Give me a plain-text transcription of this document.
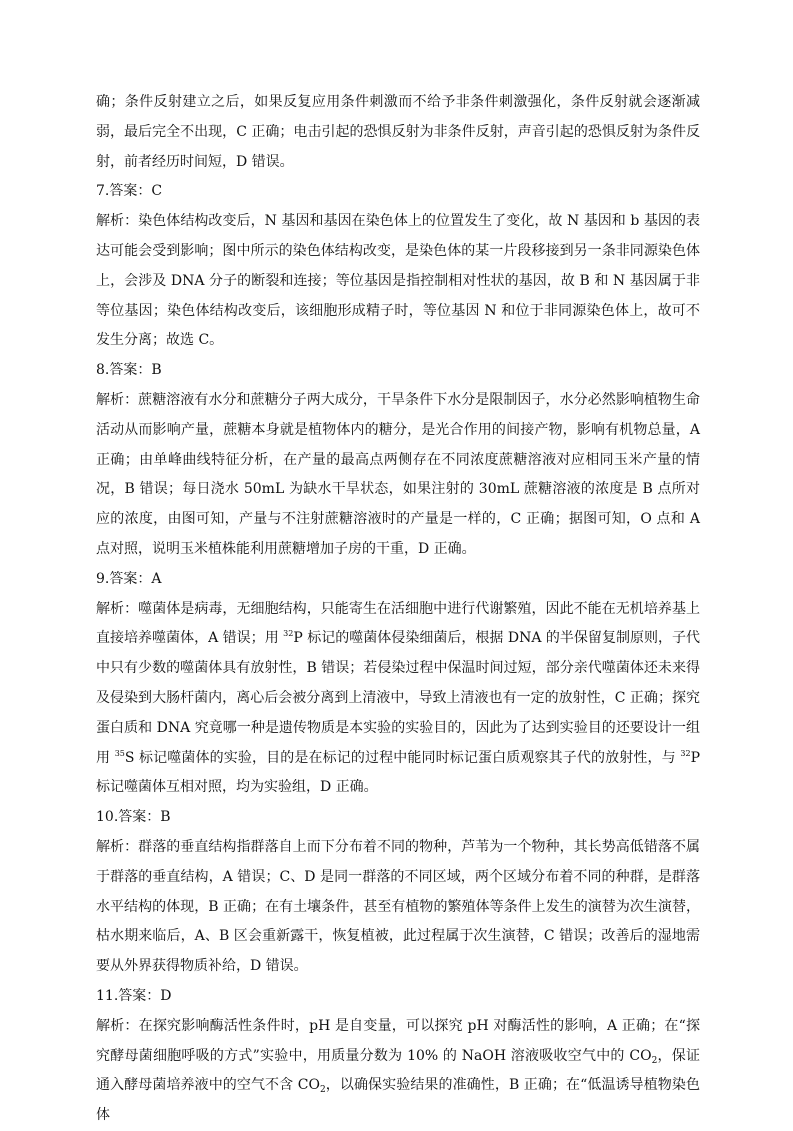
确；条件反射建立之后，如果反复应用条件刺激而不给予非条件刺激强化，条件反射就会逐渐减弱，最后完全不出现，C 正确；电击引起的恐惧反射为非条件反射，声音引起的恐惧反射为条件反射，前者经历时间短，D 错误。

7.答案：C

解析：染色体结构改变后，N 基因和基因在染色体上的位置发生了变化，故 N 基因和 b 基因的表达可能会受到影响；图中所示的染色体结构改变，是染色体的某一片段移接到另一条非同源染色体上，会涉及 DNA 分子的断裂和连接；等位基因是指控制相对性状的基因，故 B 和 N 基因属于非等位基因；染色体结构改变后，该细胞形成精子时，等位基因 N 和位于非同源染色体上，故可不发生分离；故选 C。

8.答案：B

解析：蔗糖溶液有水分和蔗糖分子两大成分，干旱条件下水分是限制因子，水分必然影响植物生命活动从而影响产量，蔗糖本身就是植物体内的糖分，是光合作用的间接产物，影响有机物总量，A 正确；由单峰曲线特征分析，在产量的最高点两侧存在不同浓度蔗糖溶液对应相同玉米产量的情况，B 错误；每日浇水 50mL 为缺水干旱状态，如果注射的 30mL 蔗糖溶液的浓度是 B 点所对应的浓度，由图可知，产量与不注射蔗糖溶液时的产量是一样的，C 正确；据图可知，O 点和 A 点对照，说明玉米植株能利用蔗糖增加子房的干重，D 正确。

9.答案：A

解析：噬菌体是病毒，无细胞结构，只能寄生在活细胞中进行代谢繁殖，因此不能在无机培养基上直接培养噬菌体，A 错误；用 $^{32}$P 标记的噬菌体侵染细菌后，根据 DNA 的半保留复制原则，子代中只有少数的噬菌体具有放射性，B 错误；若侵染过程中保温时间过短，部分亲代噬菌体还未来得及侵染到大肠杆菌内，离心后会被分离到上清液中，导致上清液也有一定的放射性，C 正确；探究蛋白质和 DNA 究竟哪一种是遗传物质是本实验的实验目的，因此为了达到实验目的还要设计一组用 $^{35}$S 标记噬菌体的实验，目的是在标记的过程中能同时标记蛋白质观察其子代的放射性，与 $^{32}$P 标记噬菌体互相对照，均为实验组，D 正确。

10.答案：B

解析：群落的垂直结构指群落自上而下分布着不同的物种，芦苇为一个物种，其长势高低错落不属于群落的垂直结构，A 错误；C、D 是同一群落的不同区域，两个区域分布着不同的种群，是群落水平结构的体现，B 正确；在有土壤条件，甚至有植物的繁殖体等条件上发生的演替为次生演替，枯水期来临后，A、B 区会重新露干，恢复植被，此过程属于次生演替，C 错误；改善后的湿地需要从外界获得物质补给，D 错误。

11.答案：D

解析：在探究影响酶活性条件时，pH 是自变量，可以探究 pH 对酶活性的影响，A 正确；在“探究酵母菌细胞呼吸的方式”实验中，用质量分数为 10% 的 NaOH 溶液吸收空气中的 $CO_2$，保证通入酵母菌培养液中的空气不含 $CO_2$，以确保实验结果的准确性，B 正确；在“低温诱导植物染色体
